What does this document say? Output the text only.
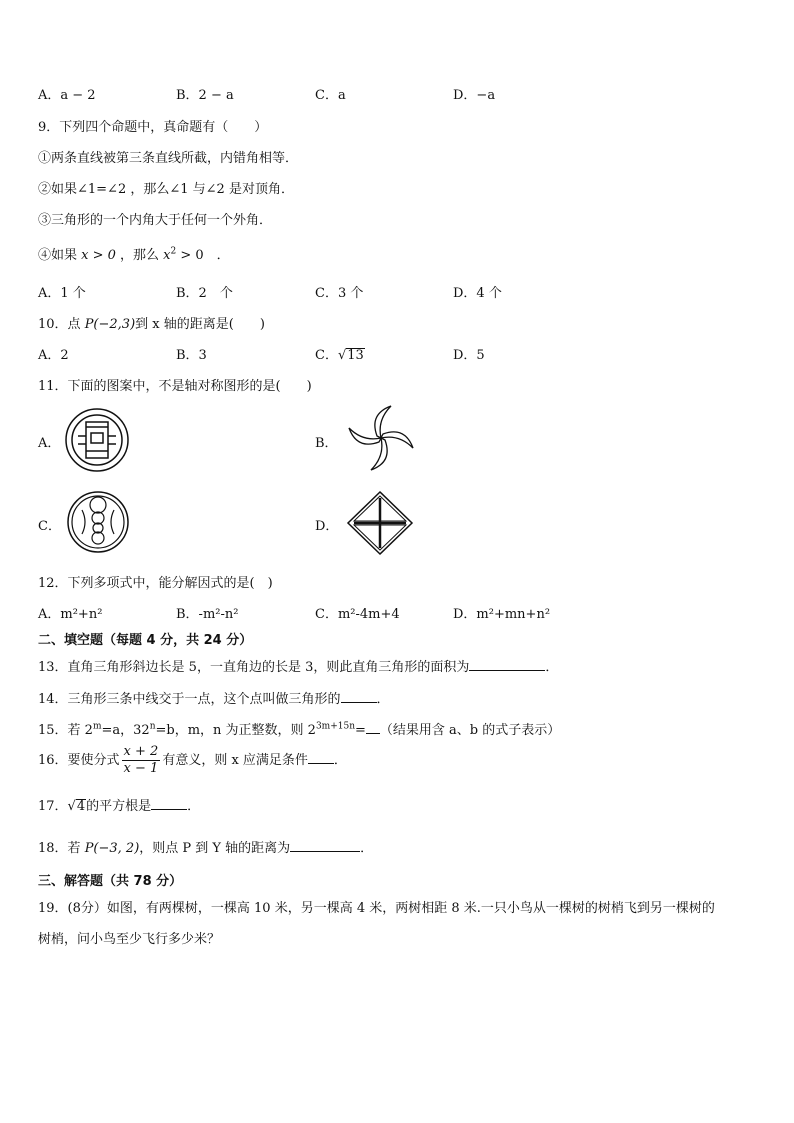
A．a − 2	B．2 − a	C．a	D．−a
9．下列四个命题中，真命题有（　　）
①两条直线被第三条直线所截，内错角相等．
②如果∠1=∠2 ，那么∠1 与∠2 是对顶角．
③三角形的一个内角大于任何一个外角．
④如果 x > 0 ，那么 $x^2 > 0$　．
A．1 个	B．2　个	C．3 个	D．4 个
10．点 P(−2,3)到 x 轴的距离是(　　)
A．2	B．3	C．√13	D．5
11．下面的图案中，不是轴对称图形的是(　　)
A．	B．
C．	D．
12．下列多项式中，能分解因式的是(　)
A．m²+n²	B．-m²-n²	C．m²-4m+4	D．m²+mn+n²
二、填空题（每题 4 分，共 24 分）
13．直角三角形斜边长是 5，一直角边的长是 3，则此直角三角形的面积为	．
14．三角形三条中线交于一点，这个点叫做三角形的	．
15．若 $2^m=a$，$32^n=b$，m，n 为正整数，则 $2^{3m+15n}=$ （结果用含 a、b 的式子表示）
16．要使分式 $\frac{x + 2}{x - 1}$ 有意义，则 x 应满足条件 ．
17．√4的平方根是	．
18．若 P(−3, 2)，则点 P 到 Y 轴的距离为	．
三、解答题（共 78 分）
19．(8分）如图，有两棵树，一棵高 10 米，另一棵高 4 米，两树相距 8 米.一只小鸟从一棵树的树梢飞到另一棵树的
树梢，问小鸟至少飞行多少米？
